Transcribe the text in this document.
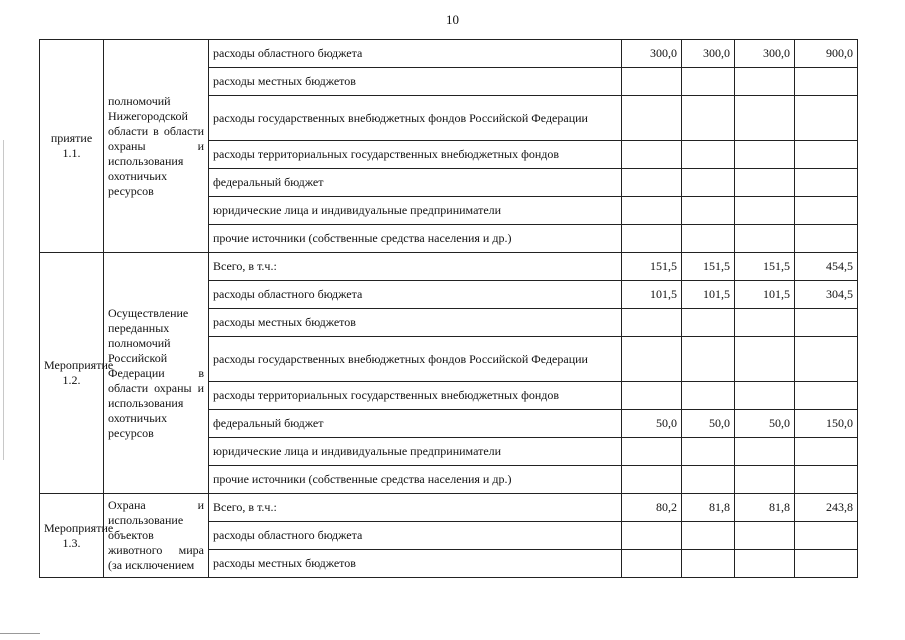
10
приятие 1.1.	полномочий Нижегородской области в области охраны и использования охотничьих ресурсов	расходы областного бюджета	300,0	300,0	300,0	900,0
		расходы местных бюджетов				
		расходы государственных внебюджетных фондов Российской Федерации				
		расходы территориальных государственных внебюджетных фондов				
		федеральный бюджет				
		юридические лица и индивидуальные предприниматели				
		прочие источники (собственные средства населения и др.)				
Мероприятие 1.2.	Осуществление переданных полномочий Российской Федерации в области охраны и использования охотничьих ресурсов	Всего, в т.ч.:	151,5	151,5	151,5	454,5
		расходы областного бюджета	101,5	101,5	101,5	304,5
		расходы местных бюджетов				
		расходы государственных внебюджетных фондов Российской Федерации				
		расходы территориальных государственных внебюджетных фондов				
		федеральный бюджет	50,0	50,0	50,0	150,0
		юридические лица и индивидуальные предприниматели				
		прочие источники (собственные средства населения и др.)				
Мероприятие 1.3.	Охрана и использование объектов животного мира (за исключением	Всего, в т.ч.:	80,2	81,8	81,8	243,8
		расходы областного бюджета				
		расходы местных бюджетов				
